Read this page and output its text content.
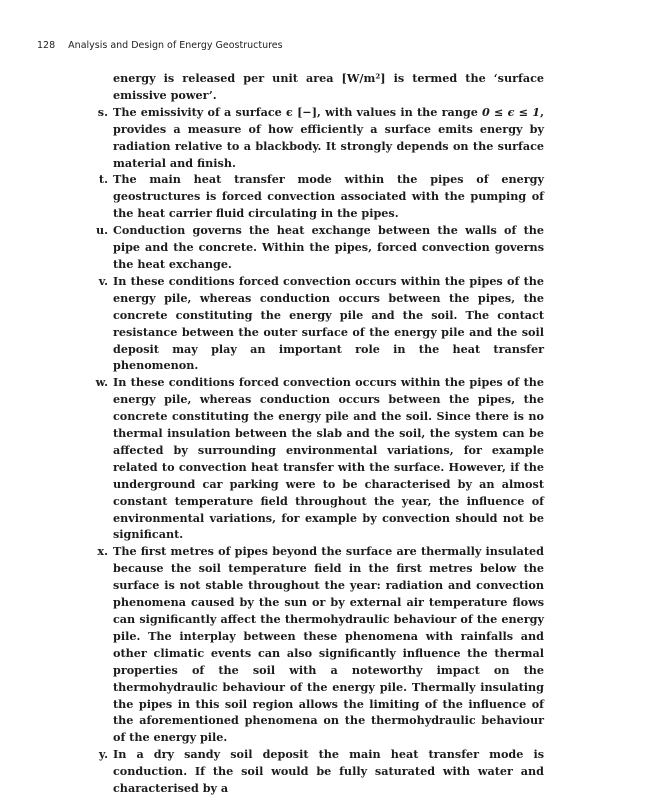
128 Analysis and Design of Energy Geostructures
energy is released per unit area [W/m²] is termed the ‘surface emissive power’.
s. The emissivity of a surface ϵ [−], with values in the range 0 ≤ ϵ ≤ 1, provides a measure of how efficiently a surface emits energy by radiation relative to a blackbody. It strongly depends on the surface material and finish.
t. The main heat transfer mode within the pipes of energy geostructures is forced convection associated with the pumping of the heat carrier fluid circulating in the pipes.
u. Conduction governs the heat exchange between the walls of the pipe and the concrete. Within the pipes, forced convection governs the heat exchange.
v. In these conditions forced convection occurs within the pipes of the energy pile, whereas conduction occurs between the pipes, the concrete constituting the energy pile and the soil. The contact resistance between the outer surface of the energy pile and the soil deposit may play an important role in the heat transfer phenomenon.
w. In these conditions forced convection occurs within the pipes of the energy pile, whereas conduction occurs between the pipes, the concrete constituting the energy pile and the soil. Since there is no thermal insulation between the slab and the soil, the system can be affected by surrounding environmental variations, for example related to convection heat transfer with the surface. However, if the underground car parking were to be characterised by an almost constant temperature field throughout the year, the influence of environmental variations, for example by convection should not be significant.
x. The first metres of pipes beyond the surface are thermally insulated because the soil temperature field in the first metres below the surface is not stable throughout the year: radiation and convection phenomena caused by the sun or by external air temperature flows can significantly affect the thermohydraulic behaviour of the energy pile. The interplay between these phenomena with rainfalls and other climatic events can also significantly influence the thermal properties of the soil with a noteworthy impact on the thermohydraulic behaviour of the energy pile. Thermally insulating the pipes in this soil region allows the limiting of the influence of the aforementioned phenomena on the thermohydraulic behaviour of the energy pile.
y. In a dry sandy soil deposit the main heat transfer mode is conduction. If the soil would be fully saturated with water and characterised by a
